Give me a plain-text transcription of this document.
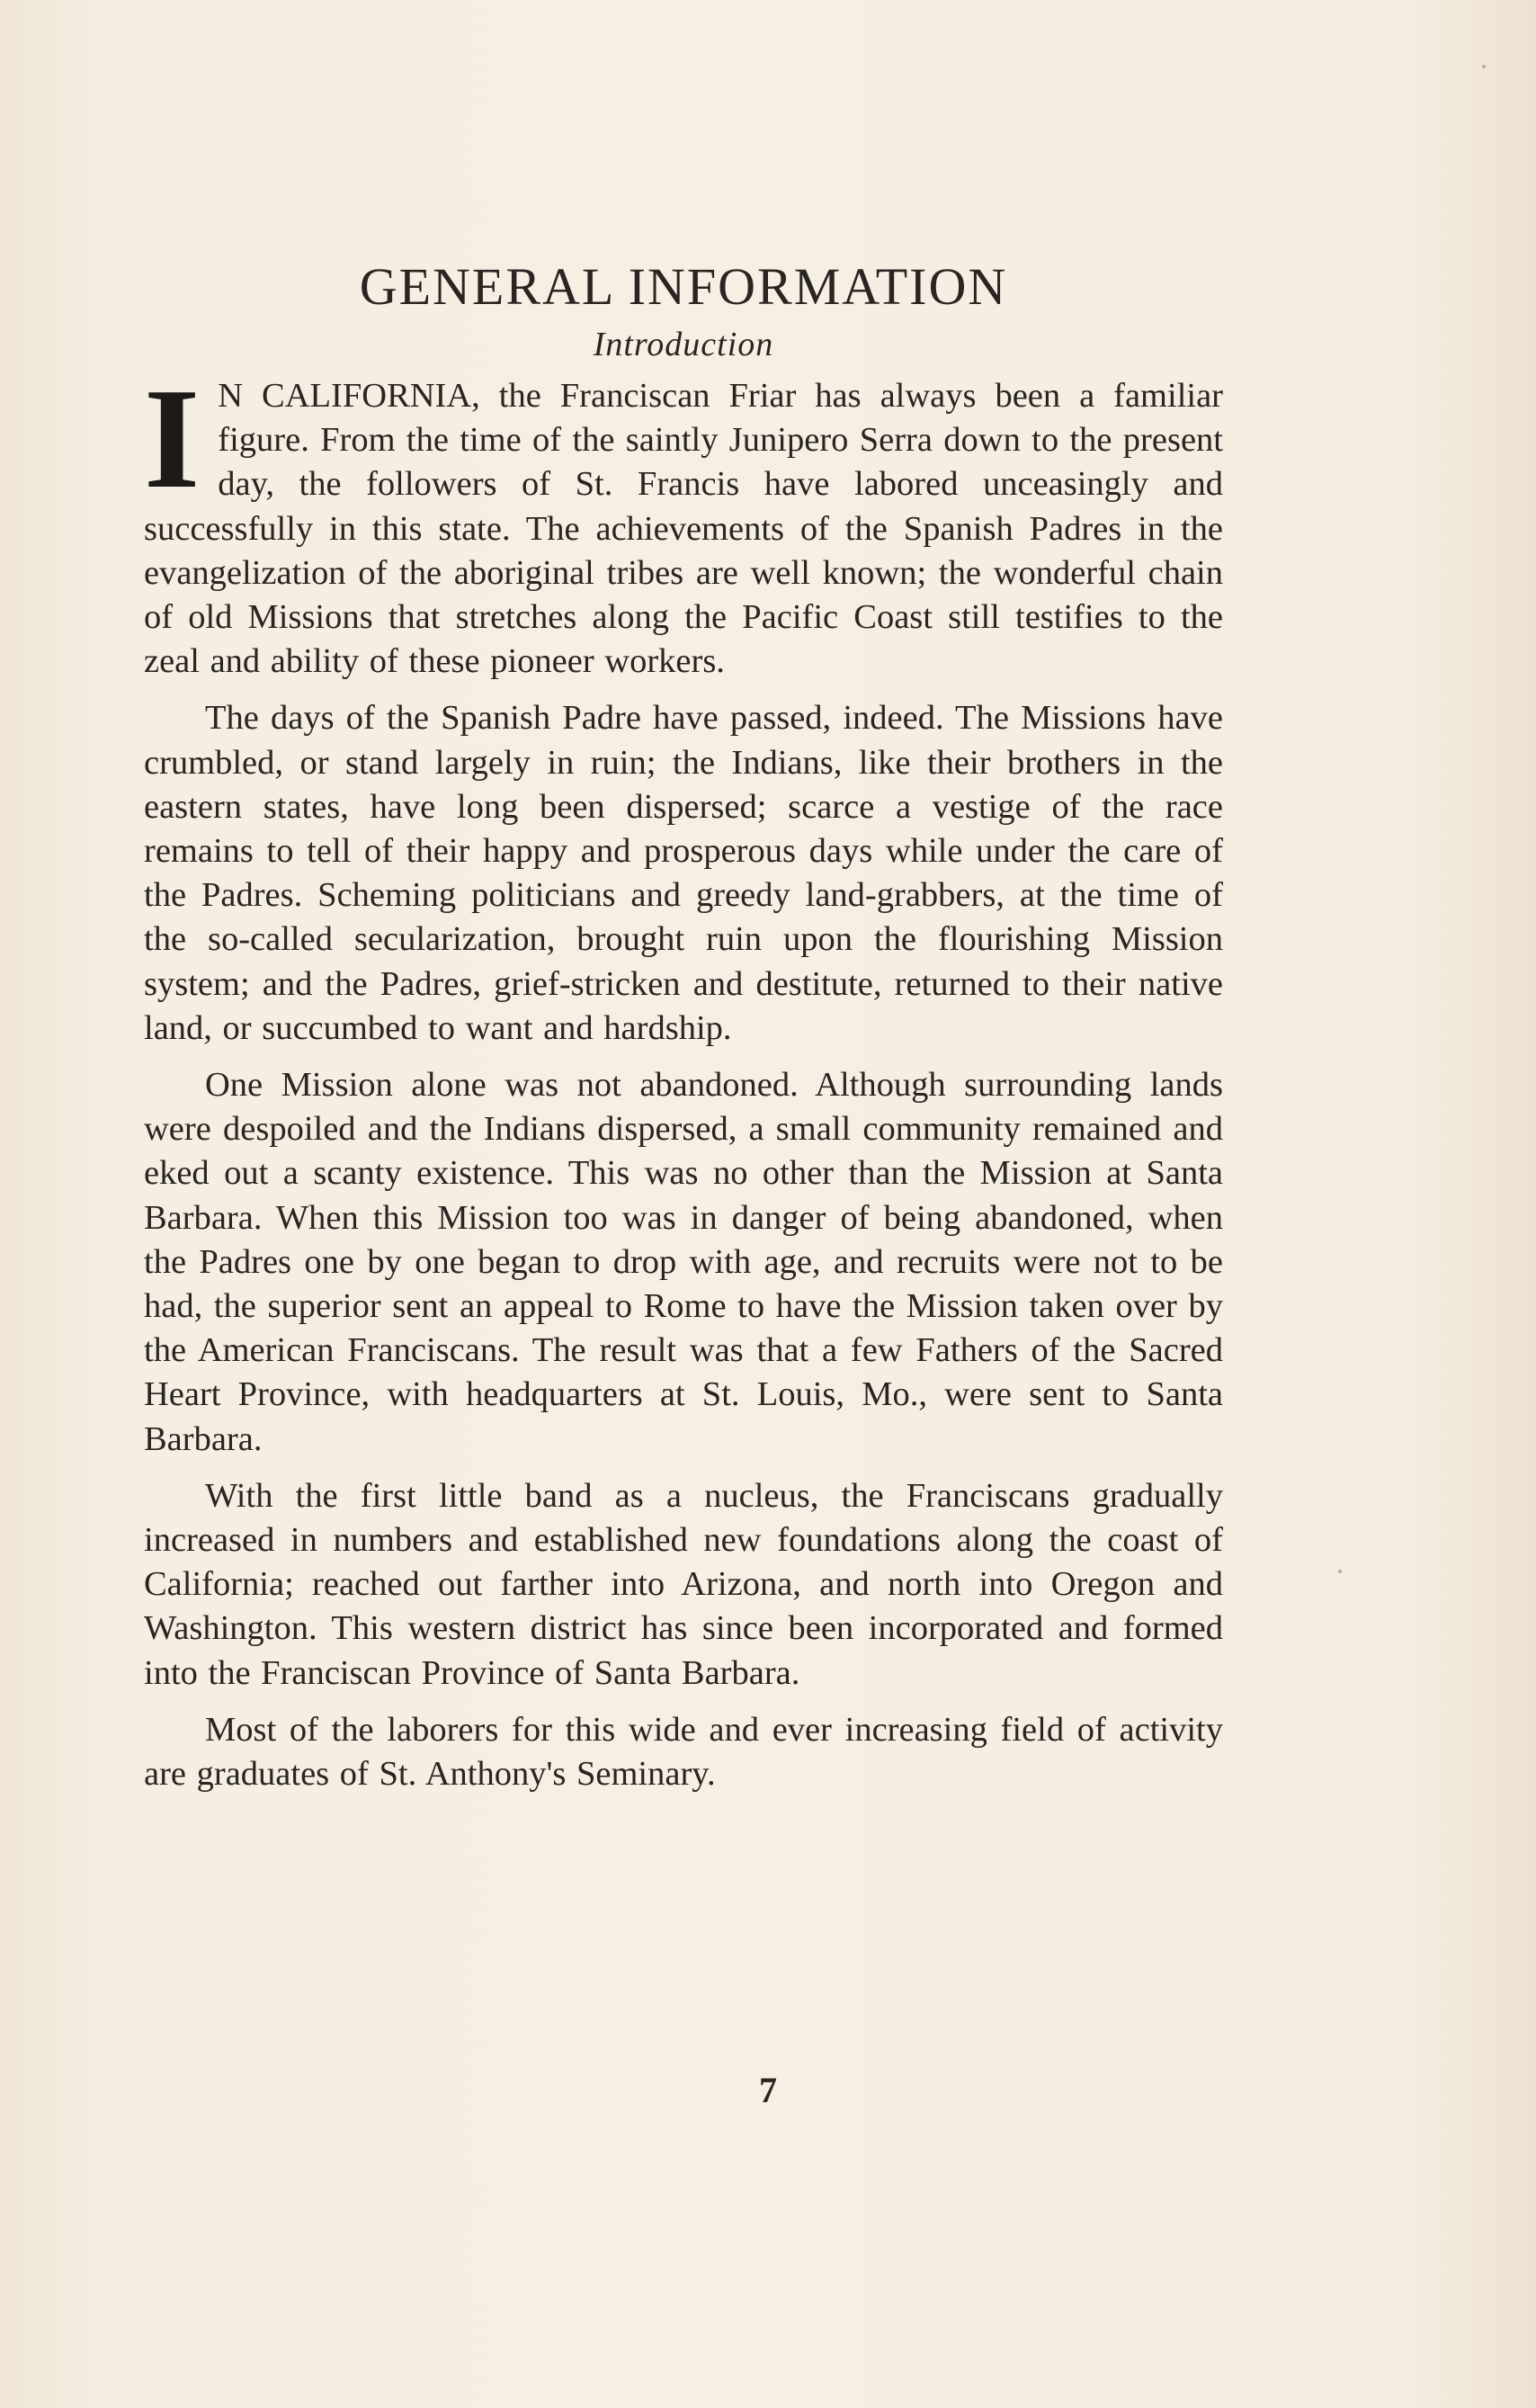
GENERAL INFORMATION
Introduction

I N CALIFORNIA, the Franciscan Friar has always been a familiar figure. From the time of the saintly Junipero Serra down to the present day, the followers of St. Francis have labored unceasingly and successfully in this state. The achievements of the Spanish Padres in the evangelization of the aboriginal tribes are well known; the wonderful chain of old Missions that stretches along the Pacific Coast still testifies to the zeal and ability of these pioneer workers.

The days of the Spanish Padre have passed, indeed. The Missions have crumbled, or stand largely in ruin; the Indians, like their brothers in the eastern states, have long been dispersed; scarce a vestige of the race remains to tell of their happy and prosperous days while under the care of the Padres. Scheming politicians and greedy land-grabbers, at the time of the so-called secularization, brought ruin upon the flourishing Mission system; and the Padres, grief-stricken and destitute, returned to their native land, or succumbed to want and hardship.

One Mission alone was not abandoned. Although surrounding lands were despoiled and the Indians dispersed, a small community remained and eked out a scanty existence. This was no other than the Mission at Santa Barbara. When this Mission too was in danger of being abandoned, when the Padres one by one began to drop with age, and recruits were not to be had, the superior sent an appeal to Rome to have the Mission taken over by the American Franciscans. The result was that a few Fathers of the Sacred Heart Province, with headquarters at St. Louis, Mo., were sent to Santa Barbara.

With the first little band as a nucleus, the Franciscans gradually increased in numbers and established new foundations along the coast of California; reached out farther into Arizona, and north into Oregon and Washington. This western district has since been incorporated and formed into the Franciscan Province of Santa Barbara.

Most of the laborers for this wide and ever increasing field of activity are graduates of St. Anthony's Seminary.

7
